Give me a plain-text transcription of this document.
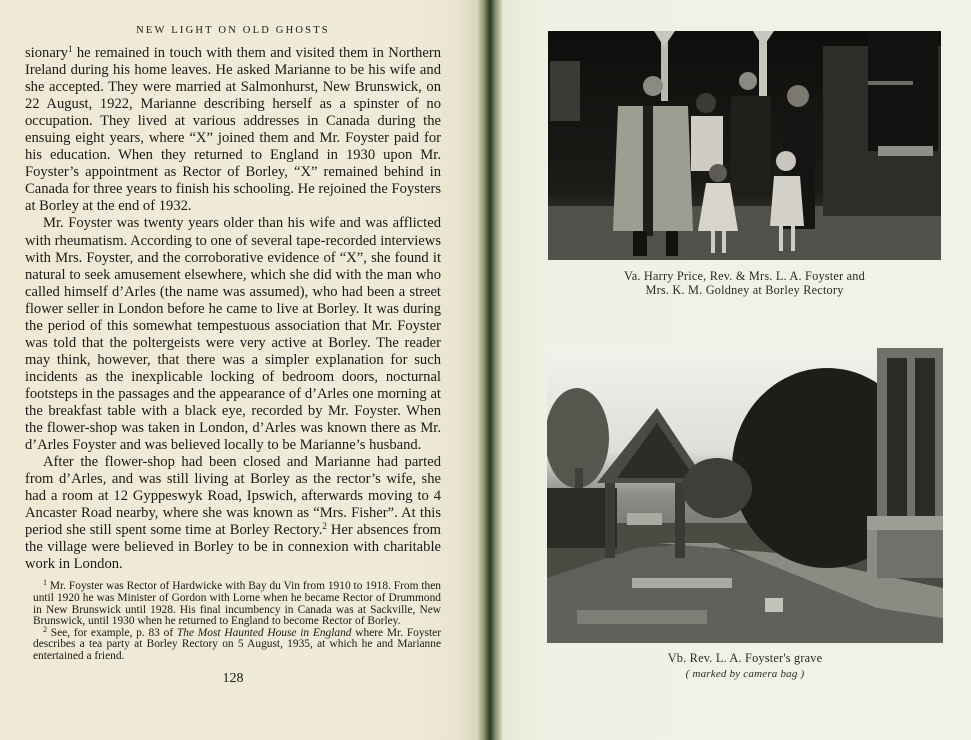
NEW LIGHT ON OLD GHOSTS

sionary$^1$ he remained in touch with them and visited them in Northern Ireland during his home leaves. He asked Marianne to be his wife and she accepted. They were married at Salmonhurst, New Brunswick, on 22 August, 1922, Marianne describing herself as a spinster of no occupation. They lived at various addresses in Canada during the ensuing eight years, where “X” joined them and Mr. Foyster paid for his education. When they returned to England in 1930 upon Mr. Foyster’s appointment as Rector of Borley, “X” remained behind in Canada for three years to finish his schooling. He rejoined the Foysters at Borley at the end of 1932.

Mr. Foyster was twenty years older than his wife and was afflicted with rheumatism. According to one of several tape-recorded interviews with Mrs. Foyster, and the corroborative evidence of “X”, she found it natural to seek amusement elsewhere, which she did with the man who called himself d’Arles (the name was assumed), who had been a street flower seller in London before he came to live at Borley. It was during the period of this somewhat tempestuous association that Mr. Foyster was told that the poltergeists were very active at Borley. The reader may think, however, that there was a simpler explanation for such incidents as the inexplicable locking of bedroom doors, nocturnal footsteps in the passages and the appearance of d’Arles one morning at the breakfast table with a black eye, recorded by Mr. Foyster. When the flower-shop was taken in London, d’Arles was known there as Mr. d’Arles Foyster and was believed locally to be Marianne’s husband.

After the flower-shop had been closed and Marianne had parted from d’Arles, and was still living at Borley as the rector’s wife, she had a room at 12 Gyppeswyk Road, Ipswich, afterwards moving to 4 Ancaster Road nearby, where she was known as “Mrs. Fisher”. At this period she still spent some time at Borley Rectory.$^2$ Her absences from the village were believed in Borley to be in connexion with charitable work in London.

$^1$ Mr. Foyster was Rector of Hardwicke with Bay du Vin from 1910 to 1918. From then until 1920 he was Minister of Gordon with Lorne when he became Rector of Drummond in New Brunswick until 1928. His final incumbency in Canada was at Sackville, New Brunswick, until 1930 when he returned to England to become Rector of Borley.

$^2$ See, for example, p. 83 of The Most Haunted House in England where Mr. Foyster describes a tea party at Borley Rectory on 5 August, 1935, at which he and Marianne entertained a friend.

128
Va. Harry Price, Rev. & Mrs. L. A. Foyster and
Mrs. K. M. Goldney at Borley Rectory
Vb. Rev. L. A. Foyster's grave
( marked by camera bag )
